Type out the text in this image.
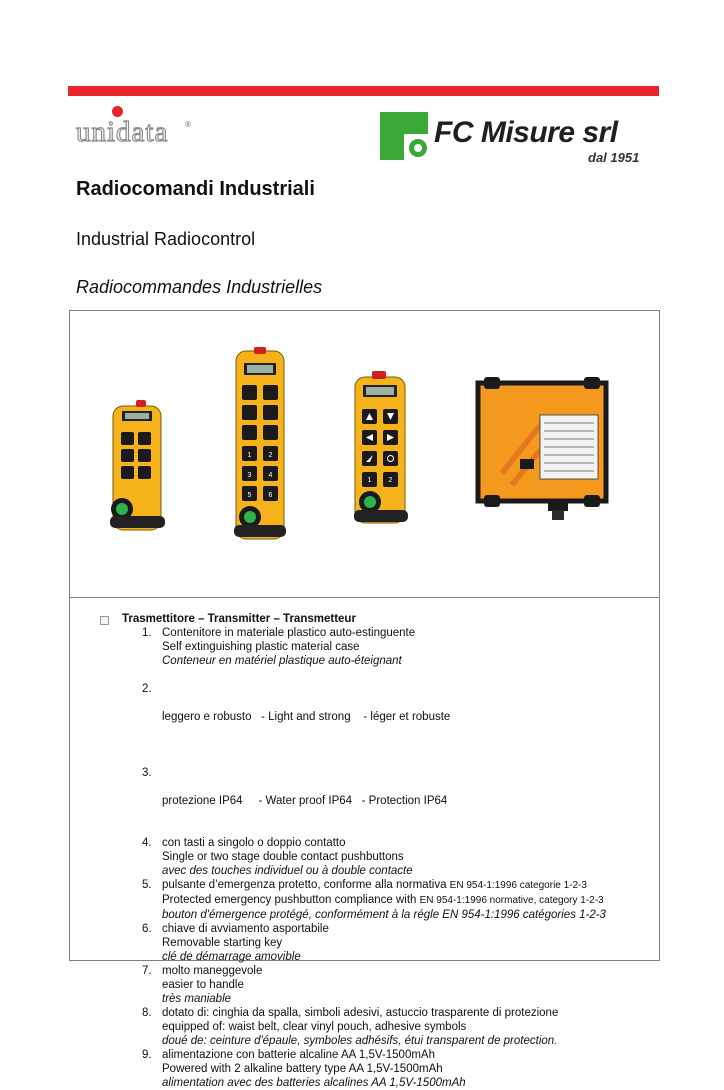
unidata ®	FC Misure srl
dal 1951
Radiocomandi Industriali
Industrial Radiocontrol
Radiocommandes Industrielles
1 2
3 4
5 6
1 2
Trasmettitore – Transmitter – Transmetteur
1. Contenitore in materiale plastico auto-estinguente
Self extinguishing plastic material case
Conteneur en matériel plastique auto-éteignant

2.

leggero e robusto   - Light and strong    - léger et robuste

3.

protezione IP64     - Water proof IP64   - Protection IP64

4. con tasti a singolo o doppio contatto
Single or two stage double contact pushbuttons
avec des touches individuel ou à double contacte
5. pulsante d’emergenza protetto, conforme alla normativa EN 954-1:1996 categorie 1-2-3
Protected emergency pushbutton compliance with EN 954-1:1996 normative, category 1-2-3
bouton d'émergence protégé, conformément à la régle EN 954-1:1996 catégories 1-2-3
6. chiave di avviamento asportabile
Removable starting key
clé de démarrage amovible
7. molto maneggevole
easier to handle
très maniable
8. dotato di: cinghia da spalla, simboli adesivi, astuccio trasparente di protezione
equipped of: waist belt, clear vinyl pouch, adhesive symbols
doué de: ceinture d'épaule, symboles adhésifs, étui transparent de protection.
9. alimentazione con batterie alcaline AA 1,5V-1500mAh
Powered with 2 alkaline battery type AA 1,5V-1500mAh
alimentation avec des batteries alcalines AA 1,5V-1500mAh
